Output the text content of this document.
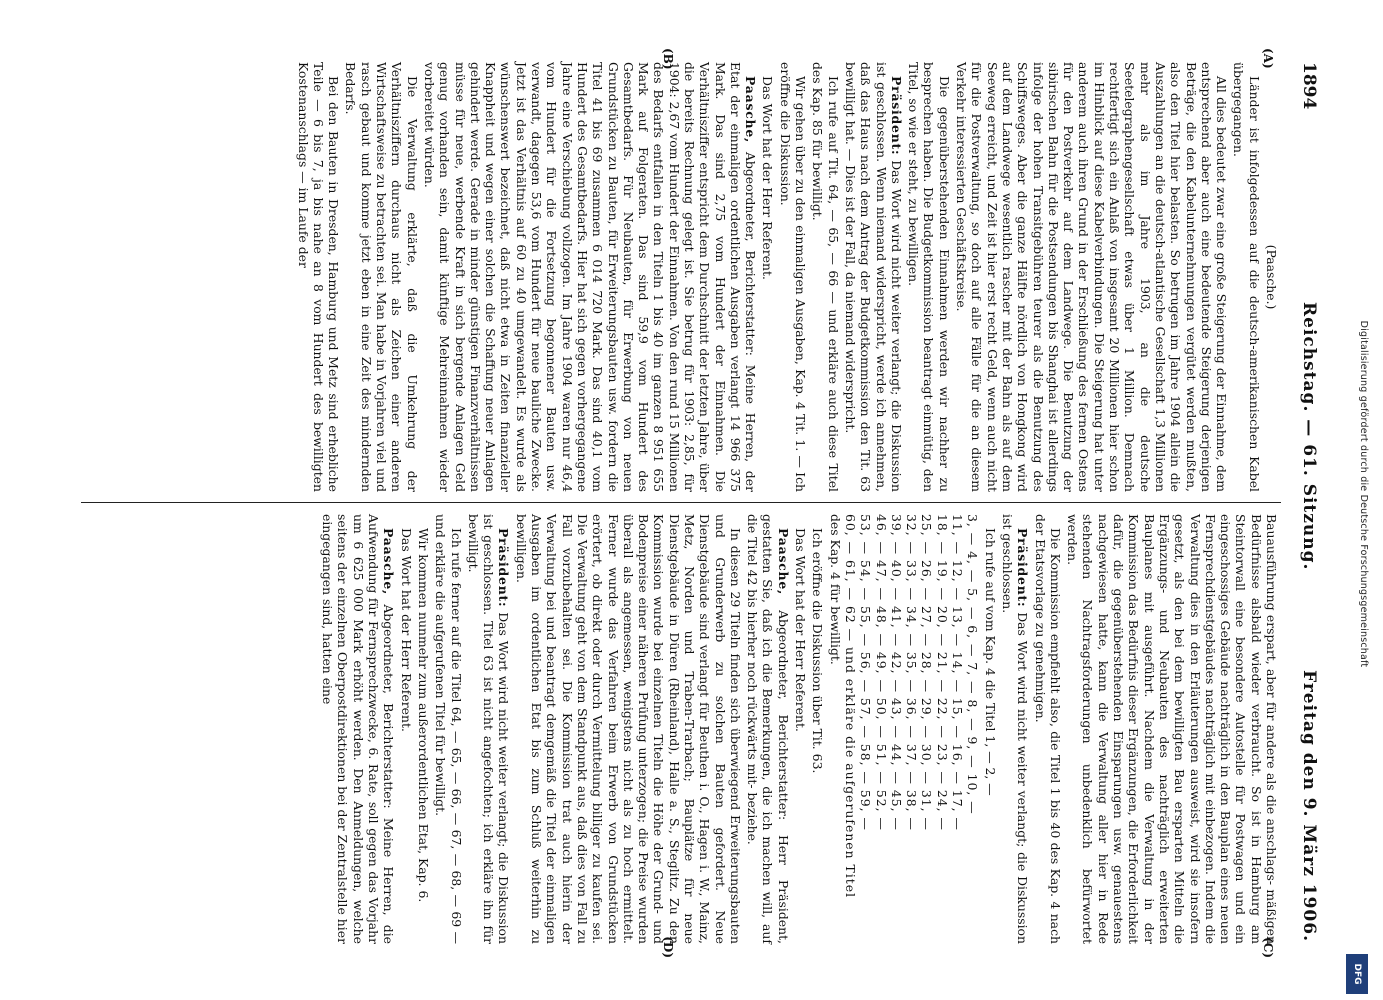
Digitalisierung gefördert durch die Deutsche Forschungsgemeinschaft
DFG
1894
Reichstag. — 61. Sitzung.
Freitag den 9. März 1906.
(A)
(B)

(Paasche.)

Länder ist infolgedessen auf die deutsch-amerikanischen Kabel übergegangen.

All dies bedeutet zwar eine große Steigerung der Einnahme, dem entsprechend aber auch eine bedeutende Steigerung derjenigen Beträge, die den Kabelunternehmungen vergütet werden mußten, also den Titel hier belasten. So betrugen im Jahre 1904 allein die Auszahlungen an die deutsch-atlantische Gesellschaft 1,3 Millionen mehr als im Jahre 1903, an die deutsche Seetelegraphengesellschaft etwas über 1 Million. Demnach rechtfertigt sich ein Anlaß von insgesamt 20 Millionen hier schon im Hinblick auf diese Kabelverbindungen. Die Steigerung hat unter anderem auch ihren Grund in der Erschließung des fernen Ostens für den Postverkehr auf dem Landwege. Die Benutzung der sibirischen Bahn für die Postsendungen bis Shanghai ist allerdings infolge der hohen Transitgebühren teurer als die Benutzung des Schiffsweges. Aber die ganze Hälfte nördlich von Hongkong wird auf dem Landwege wesentlich rascher mit der Bahn als auf dem Seeweg erreicht, und Zeit ist hier erst recht Geld, wenn auch nicht für die Postverwaltung, so doch auf alle Fälle für die an diesem Verkehr interessierten Geschäftskreise.

Die gegenüberstehenden Einnahmen werden wir nachher zu besprechen haben. Die Budgetkommission beantragt einmütig, den Titel, so wie er steht, zu bewilligen.

Präsident: Das Wort wird nicht weiter verlangt; die Diskussion ist geschlossen. Wenn niemand widerspricht, werde ich annehmen, daß das Haus nach dem Antrag der Budgetkommission den Tit. 63 bewilligt hat. — Dies ist der Fall, da niemand widerspricht.

Ich rufe auf Tit. 64, — 65, — 66 — und erkläre auch diese Titel des Kap. 85 für bewilligt.

Wir gehen über zu den einmaligen Ausgaben, Kap. 4 Tit. 1. — Ich eröffne die Diskussion.

Das Wort hat der Herr Referent.

Paasche, Abgeordneter, Berichterstatter: Meine Herren, der Etat der einmaligen ordentlichen Ausgaben verlangt 14 966 375 Mark. Das sind 2,75 vom Hundert der Einnahmen. Die Verhältnisziffer entspricht dem Durchschnitt der letzten Jahre, über die bereits Rechnung gelegt ist. Sie betrug für 1903: 2,85, für 1904: 2,67 vom Hundert der Einnahmen. Von den rund 15 Millionen des Bedarfs entfallen in den Titeln 1 bis 40 im ganzen 8 951 655 Mark auf Folgeraten. Das sind 59,9 vom Hundert des Gesamtbedarfs. Für Neubauten, für Erwerbung von neuen Grundstücken zu Bauten, für Erweiterungsbauten usw. fordern die Titel 41 bis 69 zusammen 6 014 720 Mark. Das sind 40,1 vom Hundert des Gesamtbedarfs. Hier hat sich gegen vorhergegangene Jahre eine Verschiebung vollzogen. Im Jahre 1904 waren nur 46,4 vom Hundert für die Fortsetzung begonnener Bauten usw. verwandt, dagegen 53,6 vom Hundert für neue bauliche Zwecke. Jetzt ist das Verhältnis auf 60 zu 40 umgewandelt. Es wurde als wünschenswert bezeichnet, daß nicht etwa in Zeiten finanzieller Knappheit und wegen einer solchen die Schaffung neuer Anlagen gehindert werde. Gerade in minder günstigen Finanzverhältnissen müsse für neue, werbende Kraft in sich bergende Anlagen Geld genug vorhanden sein, damit künftige Mehreinnahmen wieder vorbereitet würden.

Die Verwaltung erklärte, daß die Umkehrung der Verhältnisziffern durchaus nicht als Zeichen einer anderen Wirtschaftsweise zu betrachten sei. Man habe in Vorjahren viel und rasch gebaut und komme jetzt eben in eine Zeit des mindernden Bedarfs.

Bei den Bauten in Dresden, Hamburg und Metz sind erhebliche Teile — 6 bis 7, ja bis nahe an 8 vom Hundert des bewilligten Kostenanschlags — im Laufe der

(C)
(D)

Bauausführung erspart, aber für andere als die anschlags- mäßigen Bedürfnisse alsbald wieder verbraucht. So ist in Hamburg am Steintorwall eine besondere Autostelle für Postwagen und ein eingeschossiges Gebäude nachträglich in den Bauplan eines neuen Fernsprechdienstgebäudes nachträglich mit einbezogen. Indem die Verwaltung dies in den Erläuterungen ausweist, wird sie insofern gesetzt, als den bei dem bewilligten Bau ersparten Mitteln die Ergänzungs- und Neubauten des nachträglich erweiterten Bauplanes mit ausgeführt. Nachdem die Verwaltung in der Kommission das Bedürfnis dieser Ergänzungen, die Erforderlichkeit dafür, die gegenüberstehenden Einsparungen usw. genauestens nachgewiesen hatte, kann die Verwaltung aller hier in Rede stehenden Nachtragsforderungen unbedenklich befürwortet werden.

Die Kommission empfiehlt also, die Titel 1 bis 40 des Kap. 4 nach der Etatsvorlage zu genehmigen.

Präsident: Das Wort wird nicht weiter verlangt; die Diskussion ist geschlossen.

Ich rufe auf vom Kap. 4 die Titel 1, — 2, —

3, — 4, — 5, — 6, — 7, — 8, — 9, — 10, —

11, — 12, — 13, — 14, — 15, — 16, — 17, —

18, — 19, — 20, — 21, — 22, — 23, — 24, —

25, — 26, — 27, — 28, — 29, — 30, — 31, —

32, — 33, — 34, — 35, — 36, — 37, — 38, —

39, — 40, — 41, — 42, — 43, — 44, — 45, —

46, — 47, — 48, — 49, — 50, — 51, — 52, —

53, — 54, — 55, — 56, — 57, — 58, — 59, —

60, — 61, — 62 — und erkläre die aufgerufenen Titel

des Kap. 4 für bewilligt.

Ich eröffne die Diskussion über Tit. 63.

Das Wort hat der Herr Referent.

Paasche, Abgeordneter, Berichterstatter: Herr Präsident, gestatten Sie, daß ich die Bemerkungen, die ich machen will, auf die Titel 42 bis hierher noch rückwärts mit- beziehe.

In diesen 29 Titeln finden sich überwiegend Erweiterungsbauten und Grunderwerb zu solchen Bauten gefordert. Neue Dienstgebäude sind verlangt für Beuthen i. O., Hagen i. W., Mainz, Metz, Norden und Traben-Trarbach; Bauplätze für neue Dienstgebäude in Düren (Rheinland), Halle a. S., Steglitz. Zu den Kommission wurde bei einzelnen Titeln die Höhe der Grund- und Bodenpreise einer näheren Prüfung unterzogen; die Preise wurden überall als angemessen, wenigstens nicht als zu hoch ermittelt. Ferner wurde das Verfahren beim Erwerb von Grundstücken erörtert, ob direkt oder durch Vermittelung billiger zu kaufen sei. Die Verwaltung geht von dem Standpunkt aus, daß dies von Fall zu Fall vorzubehalten sei. Die Kommission trat auch hierin der Verwaltung bei und beantragt demgemäß die Titel der einmaligen Ausgaben im ordentlichen Etat bis zum Schluß weiterhin zu bewilligen.

Präsident: Das Wort wird nicht weiter verlangt; die Diskussion ist geschlossen. Titel 63 ist nicht angefochten; ich erkläre ihn für bewilligt.

Ich rufe ferner auf die Titel 64, — 65, — 66, — 67, — 68, — 69 — und erkläre die aufgerufenen Titel für bewilligt.

Wir kommen nunmehr zum außerordentlichen Etat, Kap. 6.

Das Wort hat der Herr Referent.

Paasche, Abgeordneter, Berichterstatter: Meine Herren, die Aufwendung für Fernsprechzwecke, 6. Rate, soll gegen das Vorjahr um 6 625 000 Mark erhöht werden. Den Anmeldungen, welche seitens der einzelnen Oberpostdirektionen bei der Zentralstelle hier eingegangen sind, hatten eine
